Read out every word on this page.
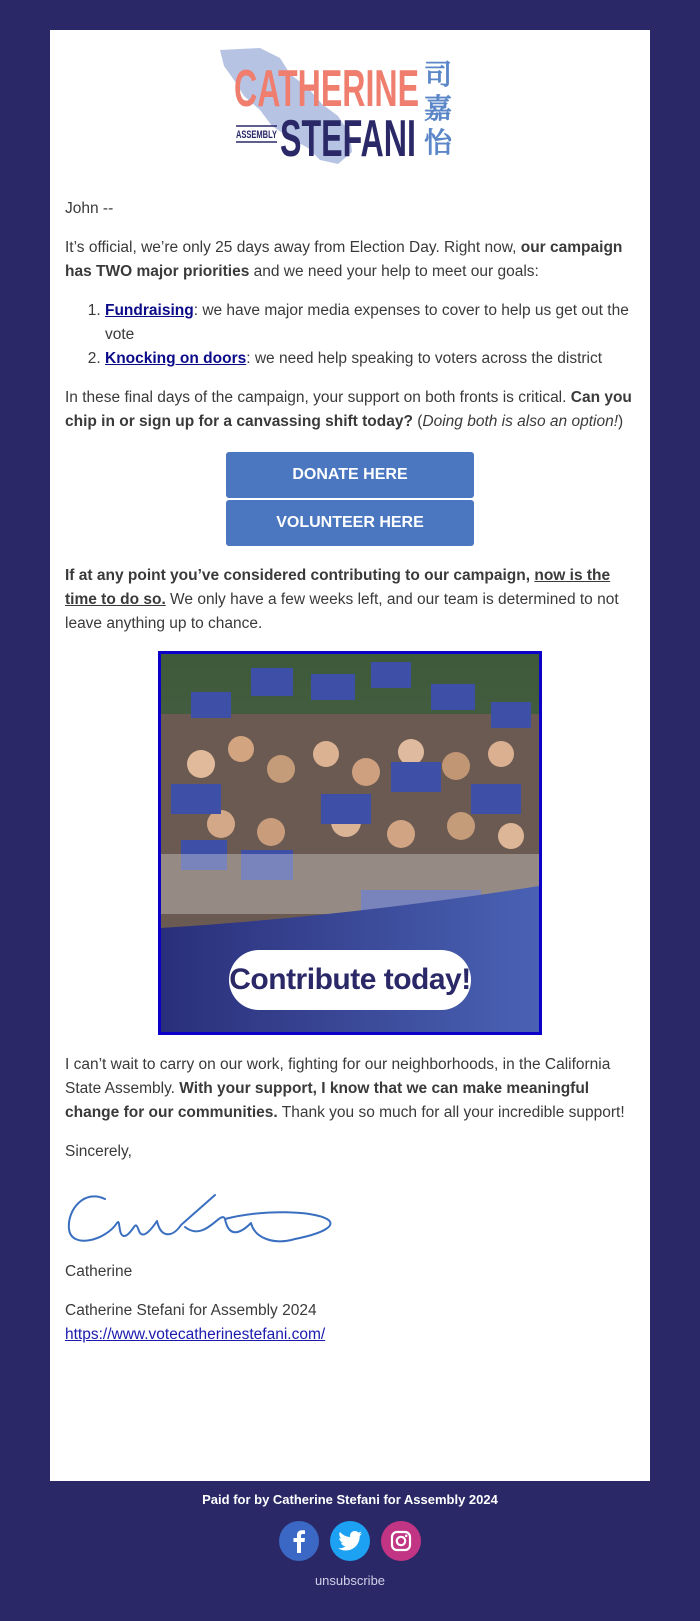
CATHERINE
STEFANI
ASSEMBLY
司
嘉
怡

John --

It’s official, we’re only 25 days away from Election Day. Right now, our campaign has TWO major priorities and we need your help to meet our goals:

1. Fundraising: we have major media expenses to cover to help us get out the vote
2. Knocking on doors: we need help speaking to voters across the district

In these final days of the campaign, your support on both fronts is critical. Can you chip in or sign up for a canvassing shift today? (Doing both is also an option!)

DONATE HERE
VOLUNTEER HERE

If at any point you’ve considered contributing to our campaign, now is the time to do so. We only have a few weeks left, and our team is determined to not leave anything up to chance.

Contribute today!

I can’t wait to carry on our work, fighting for our neighborhoods, in the California State Assembly. With your support, I know that we can make meaningful change for our communities. Thank you so much for all your incredible support!

Sincerely,

Catherine

Catherine Stefani for Assembly 2024
https://www.votecatherinestefani.com/

Paid for by Catherine Stefani for Assembly 2024
unsubscribe
